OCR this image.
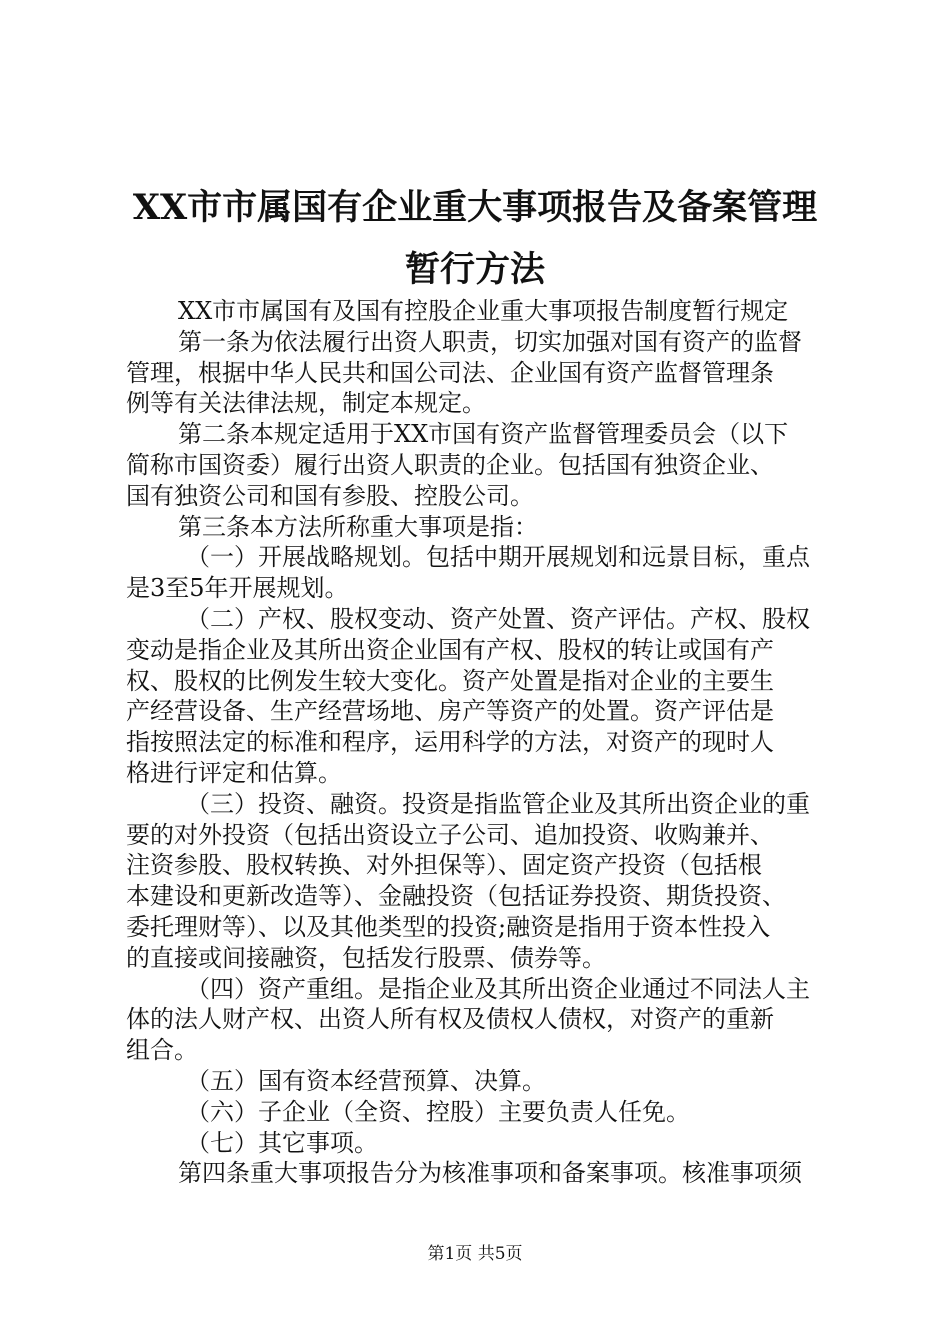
XX市市属国有企业重大事项报告及备案管理
暂行方法
XX市市属国有及国有控股企业重大事项报告制度暂行规定
第一条为依法履行出资人职责，切实加强对国有资产的监督
管理，根据中华人民共和国公司法、企业国有资产监督管理条
例等有关法律法规，制定本规定。
第二条本规定适用于XX市国有资产监督管理委员会（以下
简称市国资委）履行出资人职责的企业。包括国有独资企业、
国有独资公司和国有参股、控股公司。
第三条本方法所称重大事项是指：
（一）开展战略规划。包括中期开展规划和远景目标，重点
是3至5年开展规划。
（二）产权、股权变动、资产处置、资产评估。产权、股权
变动是指企业及其所出资企业国有产权、股权的转让或国有产
权、股权的比例发生较大变化。资产处置是指对企业的主要生
产经营设备、生产经营场地、房产等资产的处置。资产评估是
指按照法定的标准和程序，运用科学的方法，对资产的现时人
格进行评定和估算。
（三）投资、融资。投资是指监管企业及其所出资企业的重
要的对外投资（包括出资设立子公司、追加投资、收购兼并、
注资参股、股权转换、对外担保等）、固定资产投资（包括根
本建设和更新改造等）、金融投资（包括证券投资、期货投资、
委托理财等）、以及其他类型的投资;融资是指用于资本性投入
的直接或间接融资，包括发行股票、债券等。
（四）资产重组。是指企业及其所出资企业通过不同法人主
体的法人财产权、出资人所有权及债权人债权，对资产的重新
组合。
（五）国有资本经营预算、决算。
（六）子企业（全资、控股）主要负责人任免。
（七）其它事项。
第四条重大事项报告分为核准事项和备案事项。核准事项须
第1页 共5页
